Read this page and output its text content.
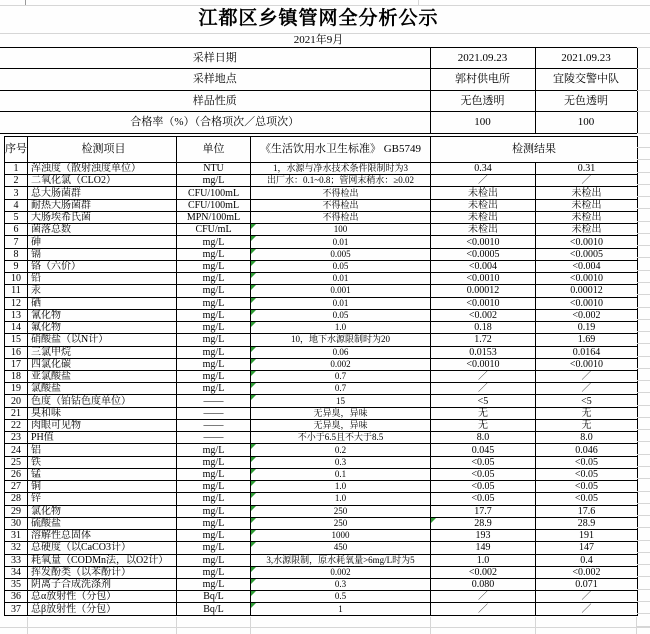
江都区乡镇管网全分析公示
2021年9月
采样日期	2021.09.23	2021.09.23
采样地点	郭村供电所	宜陵交警中队
样品性质	无色透明	无色透明
合格率（%）（合格项次／总项次）	100	100
序号	检测项目	单位	《生活饮用水卫生标准》 GB5749	检测结果	
1	浑浊度（散射浊度单位）	NTU	1，水源与净水技术条件限制时为3	0.34	0.31
2	二氧化氯（CLO2）	mg/L	出厂水：0.1~0.8；管网末稍水：≥0.02	／	／
3	总大肠菌群	CFU/100mL	不得检出	未检出	未检出
4	耐热大肠菌群	CFU/100mL	不得检出	未检出	未检出
5	大肠埃希氏菌	MPN/100mL	不得检出	未检出	未检出
6	菌落总数	CFU/mL	100	未检出	未检出
7	砷	mg/L	0.01	<0.0010	<0.0010
8	镉	mg/L	0.005	<0.0005	<0.0005
9	铬（六价）	mg/L	0.05	<0.004	<0.004
10	铅	mg/L	0.01	<0.0010	<0.0010
11	汞	mg/L	0.001	0.00012	0.00012
12	硒	mg/L	0.01	<0.0010	<0.0010
13	氰化物	mg/L	0.05	<0.002	<0.002
14	氟化物	mg/L	1.0	0.18	0.19
15	硝酸盐（以N计）	mg/L	10，地下水源限制时为20	1.72	1.69
16	三氯甲烷	mg/L	0.06	0.0153	0.0164
17	四氯化碳	mg/L	0.002	<0.0010	<0.0010
18	亚氯酸盐	mg/L	0.7	／	／
19	氯酸盐	mg/L	0.7	／	／
20	色度（铂钴色度单位）	——	15	<5	<5
21	臭和味	——	无异臭，异味	无	无
22	肉眼可见物	——	无异臭，异味	无	无
23	PH值	——	不小于6.5且不大于8.5	8.0	8.0
24	铝	mg/L	0.2	0.045	0.046
25	铁	mg/L	0.3	<0.05	<0.05
26	锰	mg/L	0.1	<0.05	<0.05
27	铜	mg/L	1.0	<0.05	<0.05
28	锌	mg/L	1.0	<0.05	<0.05
29	氯化物	mg/L	250	17.7	17.6
30	硫酸盐	mg/L	250	28.9	28.9
31	溶解性总固体	mg/L	1000	193	191
32	总硬度（以CaCO3计）	mg/L	450	149	147
33	耗氧量（CODMn法，以O2计）	mg/L	3,水源限制，原水耗氧量>6mg/L时为5	1.0	0.4
34	挥发酚类（以苯酚计）	mg/L	0.002	<0.002	<0.002
35	阴离子合成洗涤剂	mg/L	0.3	0.080	0.071
36	总α放射性（分包）	Bq/L	0.5	／	／
37	总β放射性（分包）	Bq/L	1	／	／
